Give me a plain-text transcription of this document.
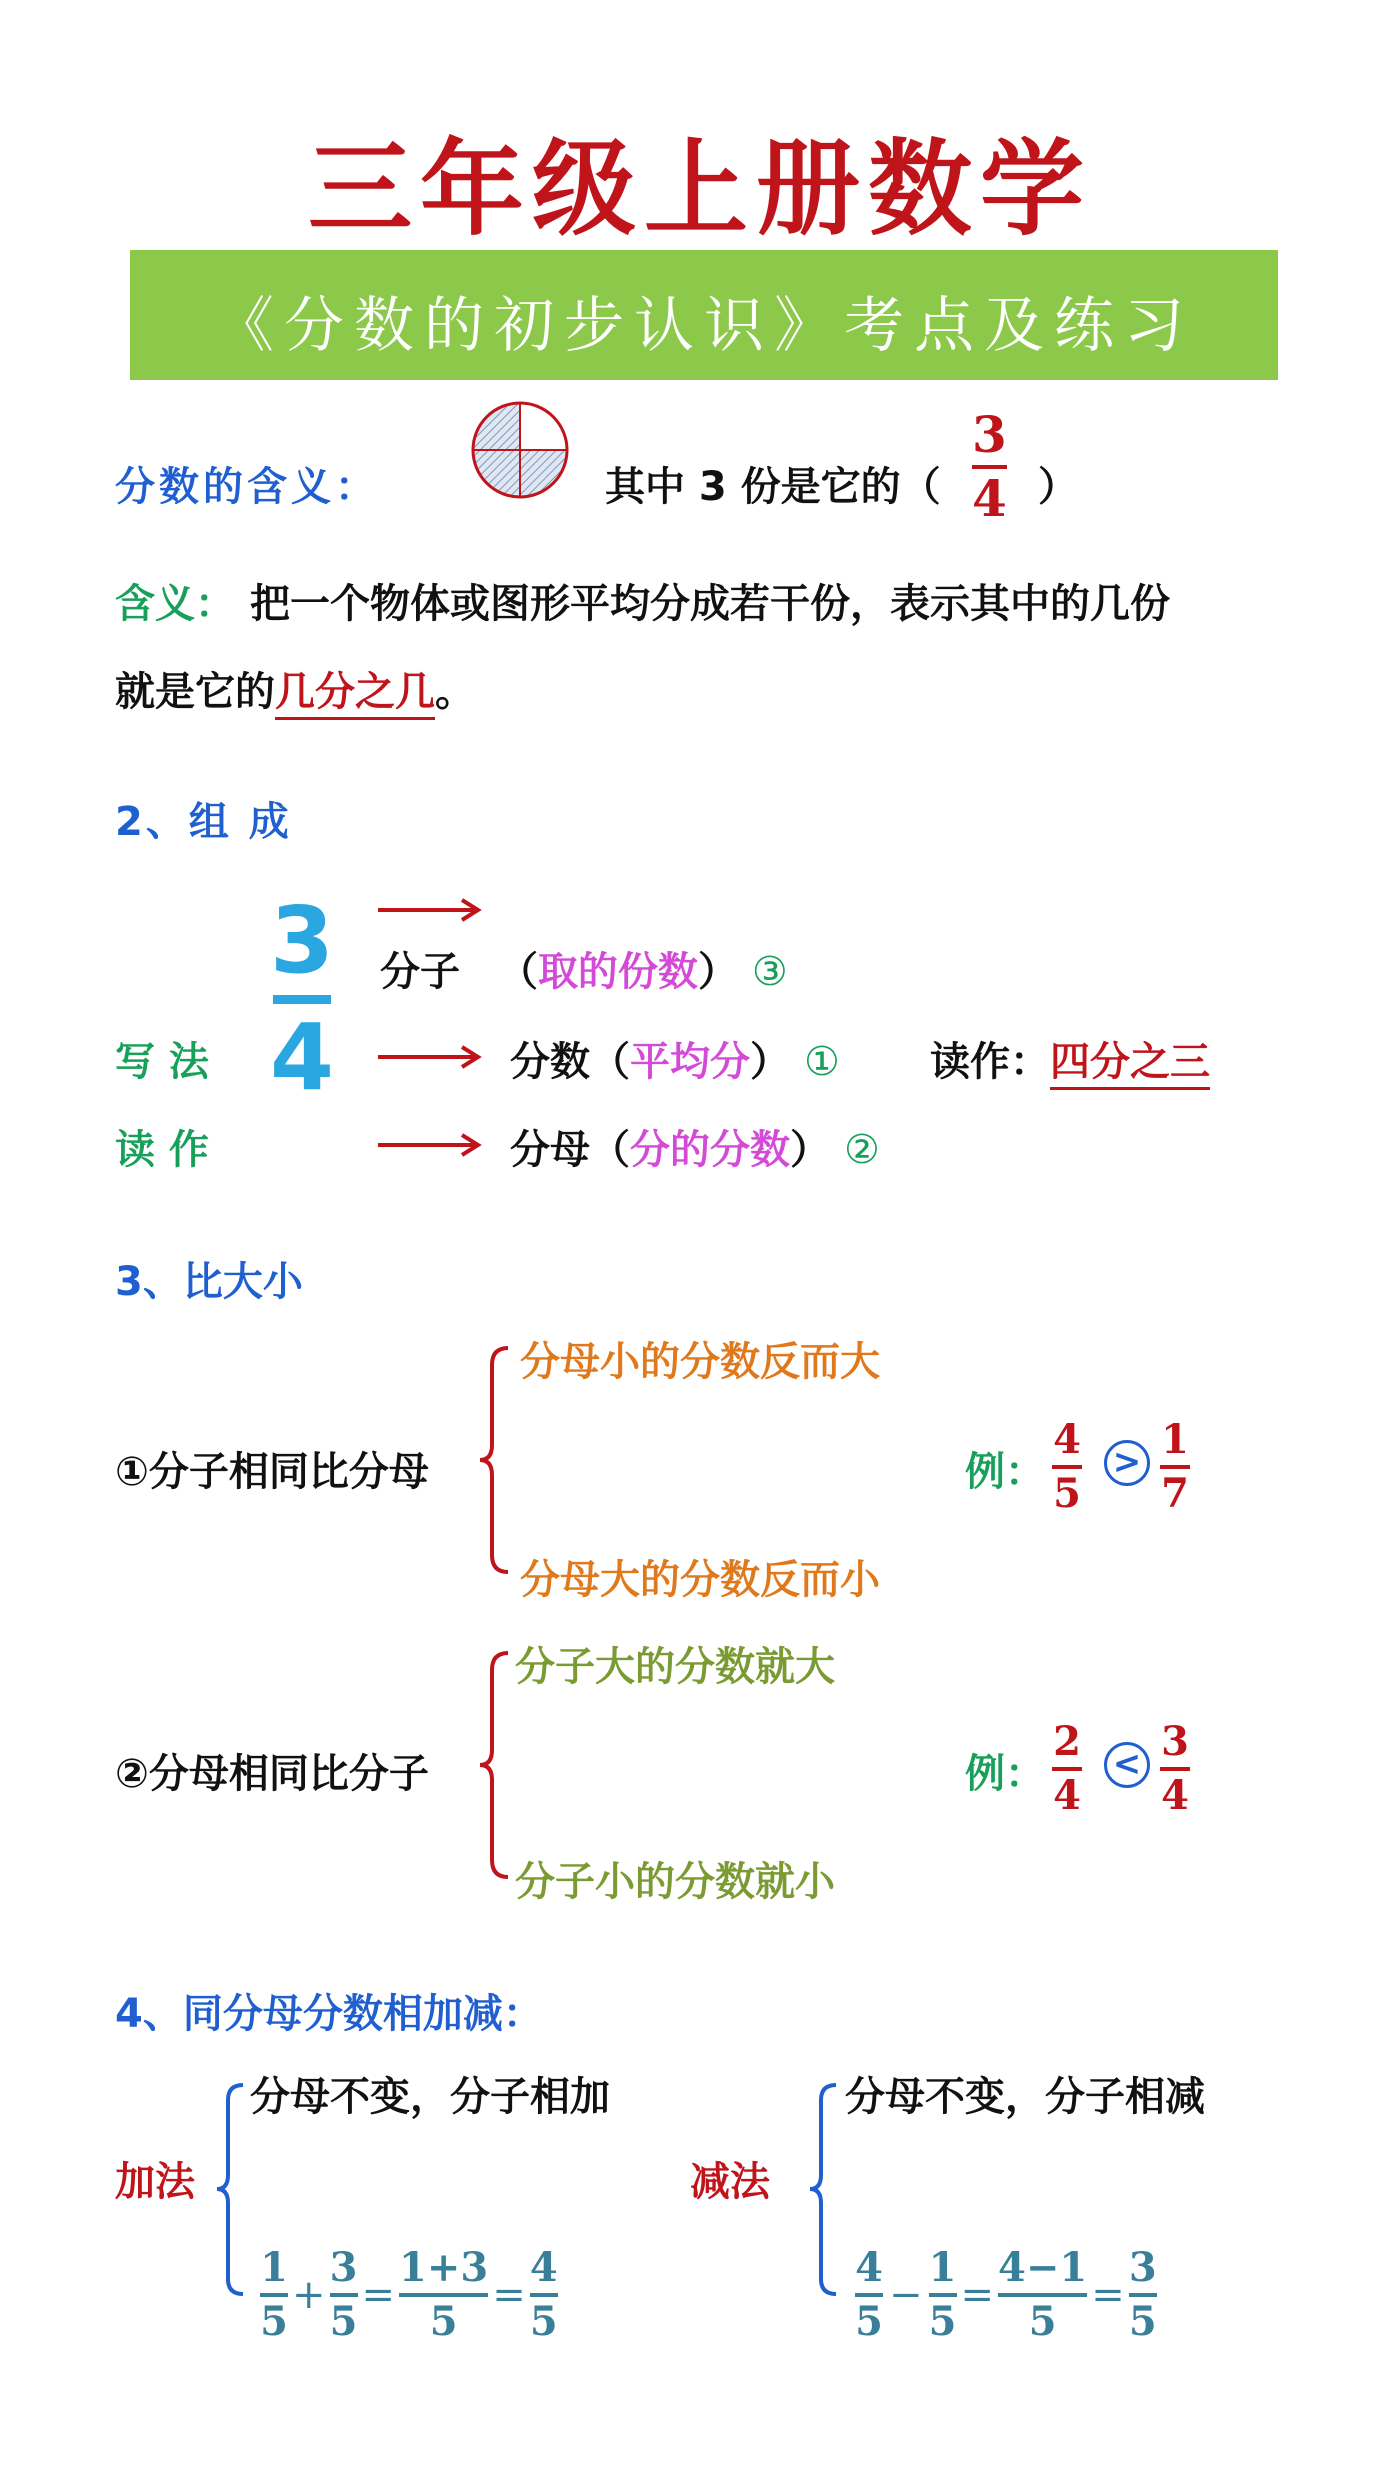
三年级上册数学
《分数的初步认识》考点及练习
分数的含义：	其中 3 份是它的（
3
4 ）
含义： 把一个物体或图形平均分成若干份，表示其中的几份
就是它的几分之几。
2、组 成
3
4
分子 （取的份数） ③
写 法	分数（平均分） ① 读作：四分之三
读 作	分母（分的分数） ②
3、比大小
分母小的分数反而大
①分子相同比分母
分母大的分数反而小
例：
4
5
> 1
7
分子大的分数就大
②分母相同比分子
分子小的分数就小
例：
2
4
< 3
4
4、同分母分数相加减：
分母不变，分子相加
加法
$\frac{1}{5} + \frac{3}{5} = \frac{1+3}{5} = \frac{4}{5}$
分母不变，分子相减
减法
$\frac{4}{5} - \frac{1}{5} = \frac{4-1}{5} = \frac{3}{5}$
